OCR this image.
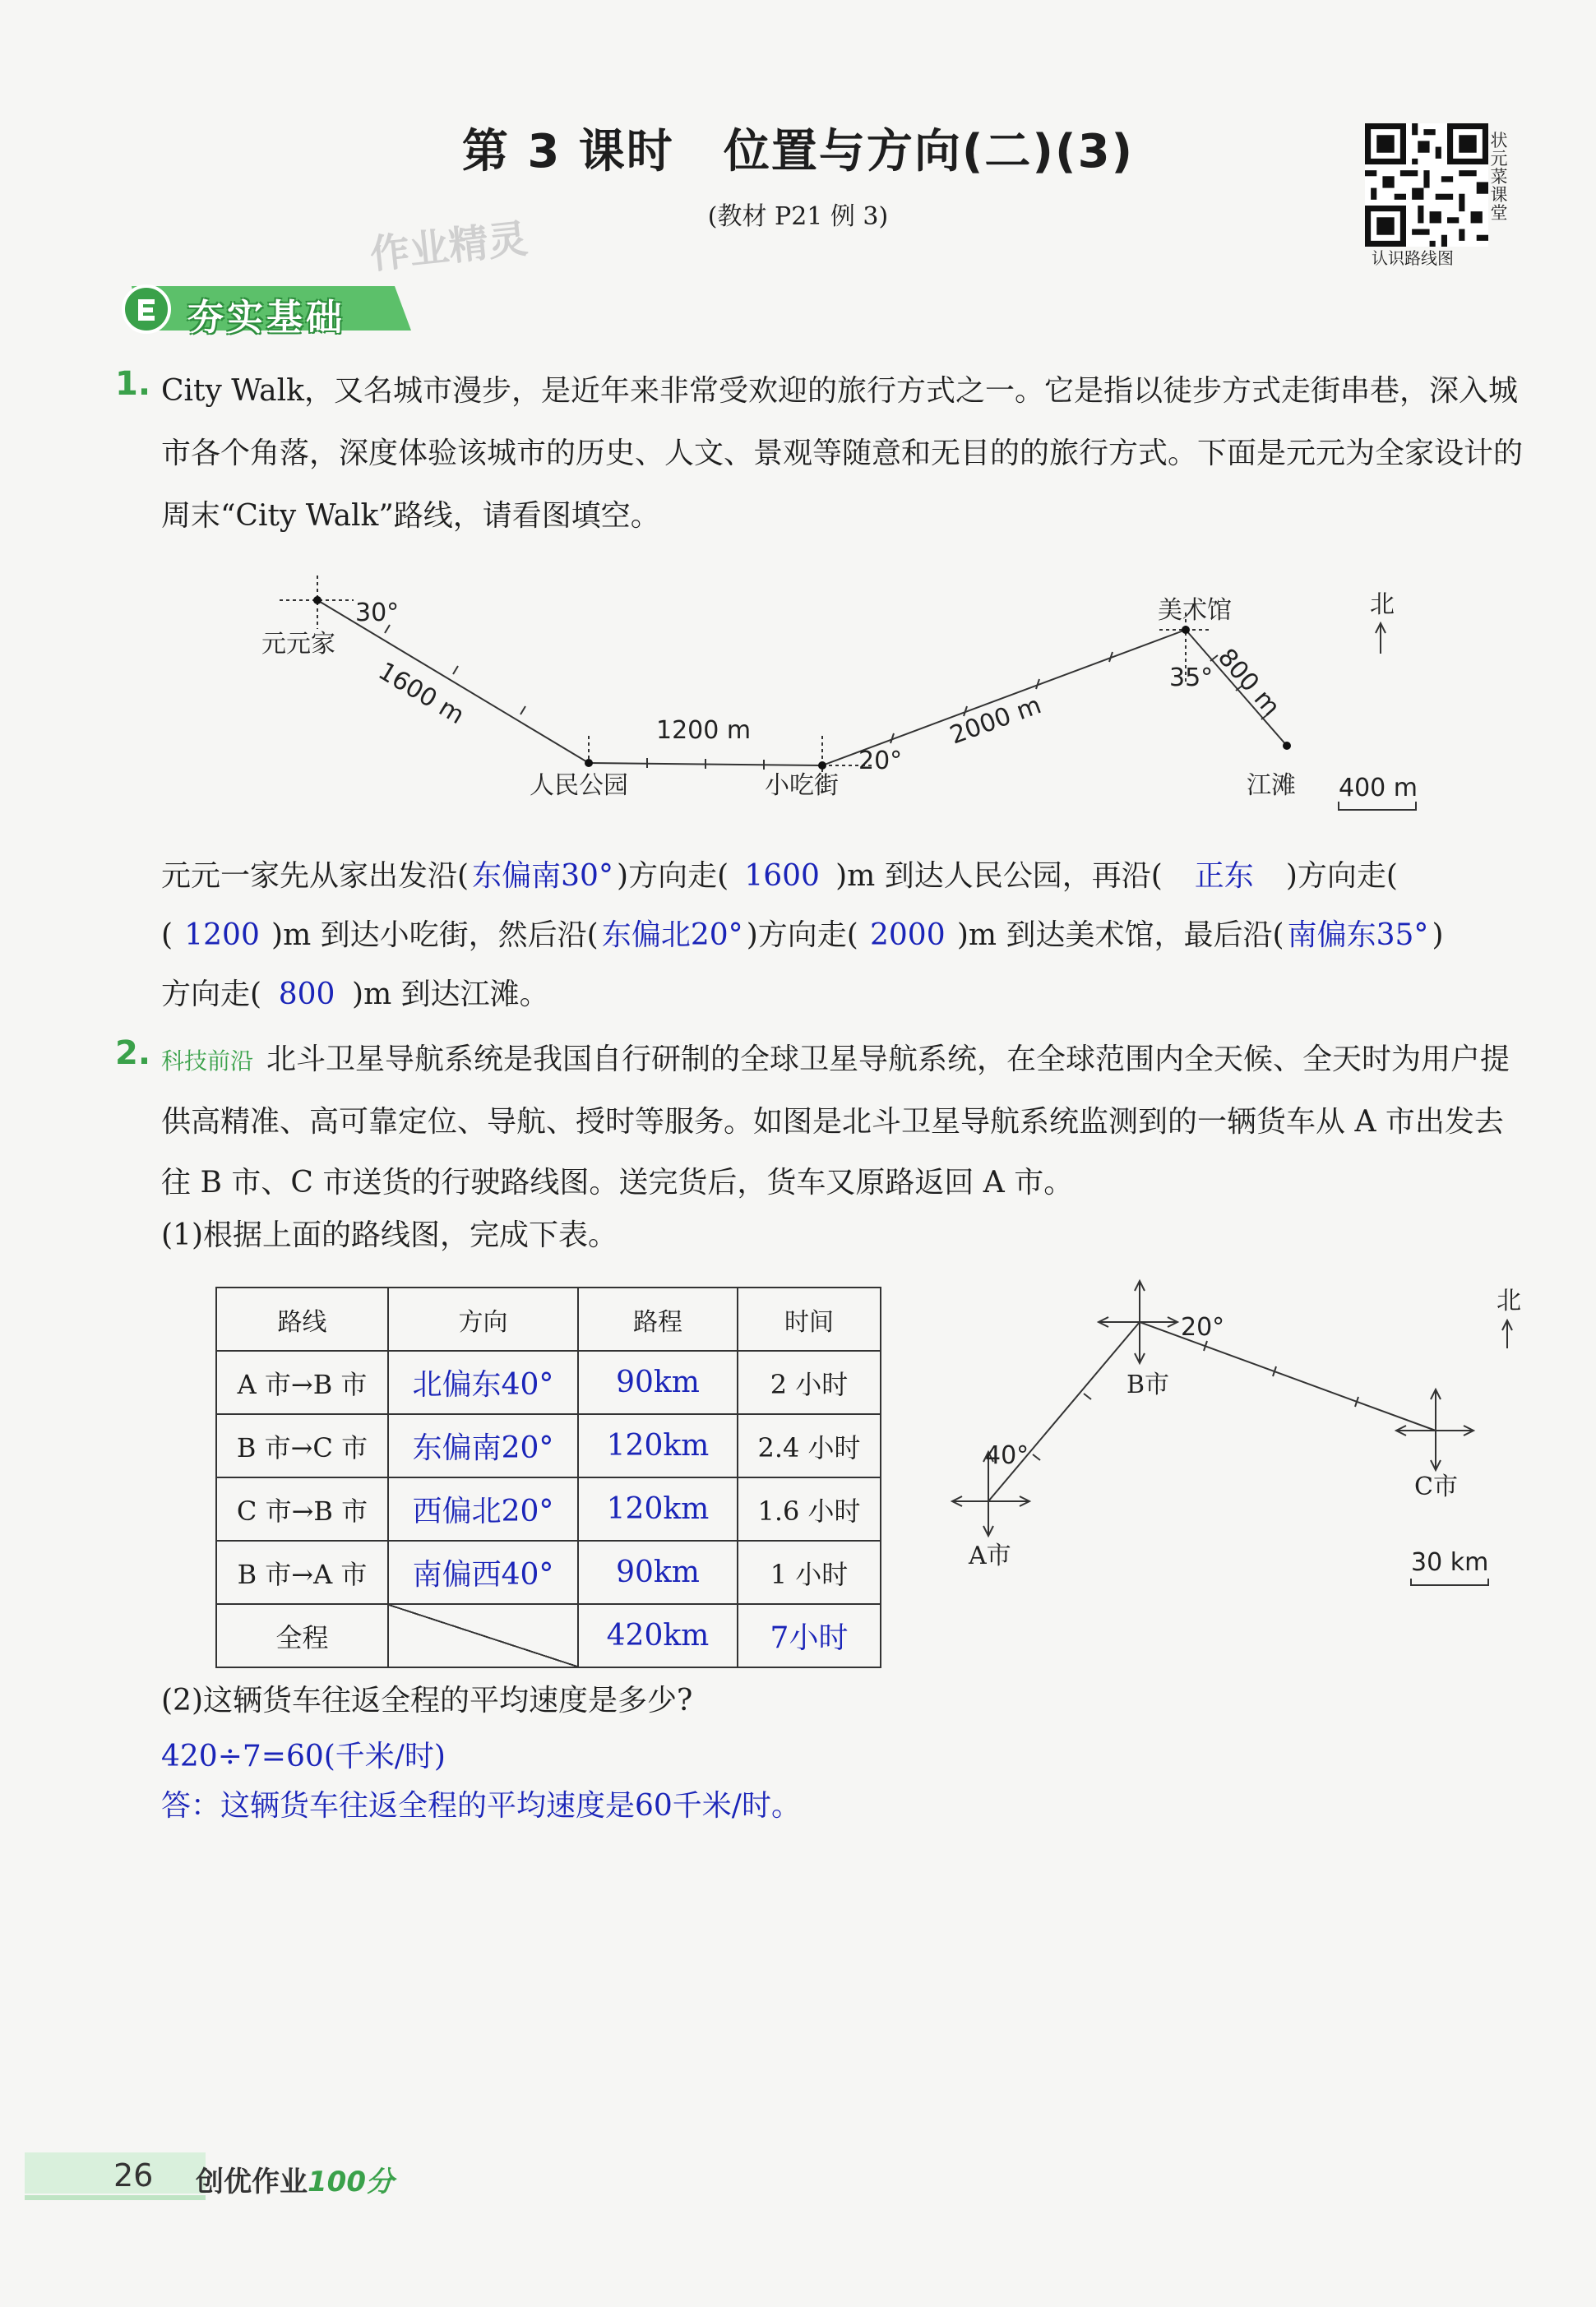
第 3 课时 位置与方向(二)(3)
(教材 P21 例 3)
状元菜课堂
认识路线图
作业精灵
夯实基础
1. City Walk，又名城市漫步，是近年来非常受欢迎的旅行方式之一。它是指以徒步方式走街串巷，深入城市各个角落，深度体验该城市的历史、人文、景观等随意和无目的的旅行方式。下面是元元为全家设计的周末“City Walk”路线，请看图填空。
元元家
人民公园	小吃街
美术馆
江滩
北
30°
20°
35°
1600 m
1200 m	2000 m	800 m
400 m
元元一家先从家出发沿( 东偏南30° )方向走( 1600 )m 到达人民公园，再沿( 正东 )方向走(
( 1200 )m 到达小吃街，然后沿( 东偏北20° )方向走( 2000 )m 到达美术馆，最后沿( 南偏东35° )
方向走( 800 )m 到达江滩。
2. 科技前沿 北斗卫星导航系统是我国自行研制的全球卫星导航系统，在全球范围内全天候、全天时为用户提供高精准、高可靠定位、导航、授时等服务。如图是北斗卫星导航系统监测到的一辆货车从 A 市出发去往 B 市、C 市送货的行驶路线图。送完货后，货车又原路返回 A 市。
(1)根据上面的路线图，完成下表。
路线	方向	路程	时间
A 市→B 市	北偏东40°	90km	2 小时
B 市→C 市	东偏南20°	120km	2.4 小时
C 市→B 市	西偏北20°	120km	1.6 小时
B 市→A 市	南偏西40°	90km	1 小时
全程		420km	7小时
A市
B市
C市
北
40°
20°
30 km
(2)这辆货车往返全程的平均速度是多少?
420÷7=60(千米/时)
答：这辆货车往返全程的平均速度是60千米/时。
26 创优作业100分
